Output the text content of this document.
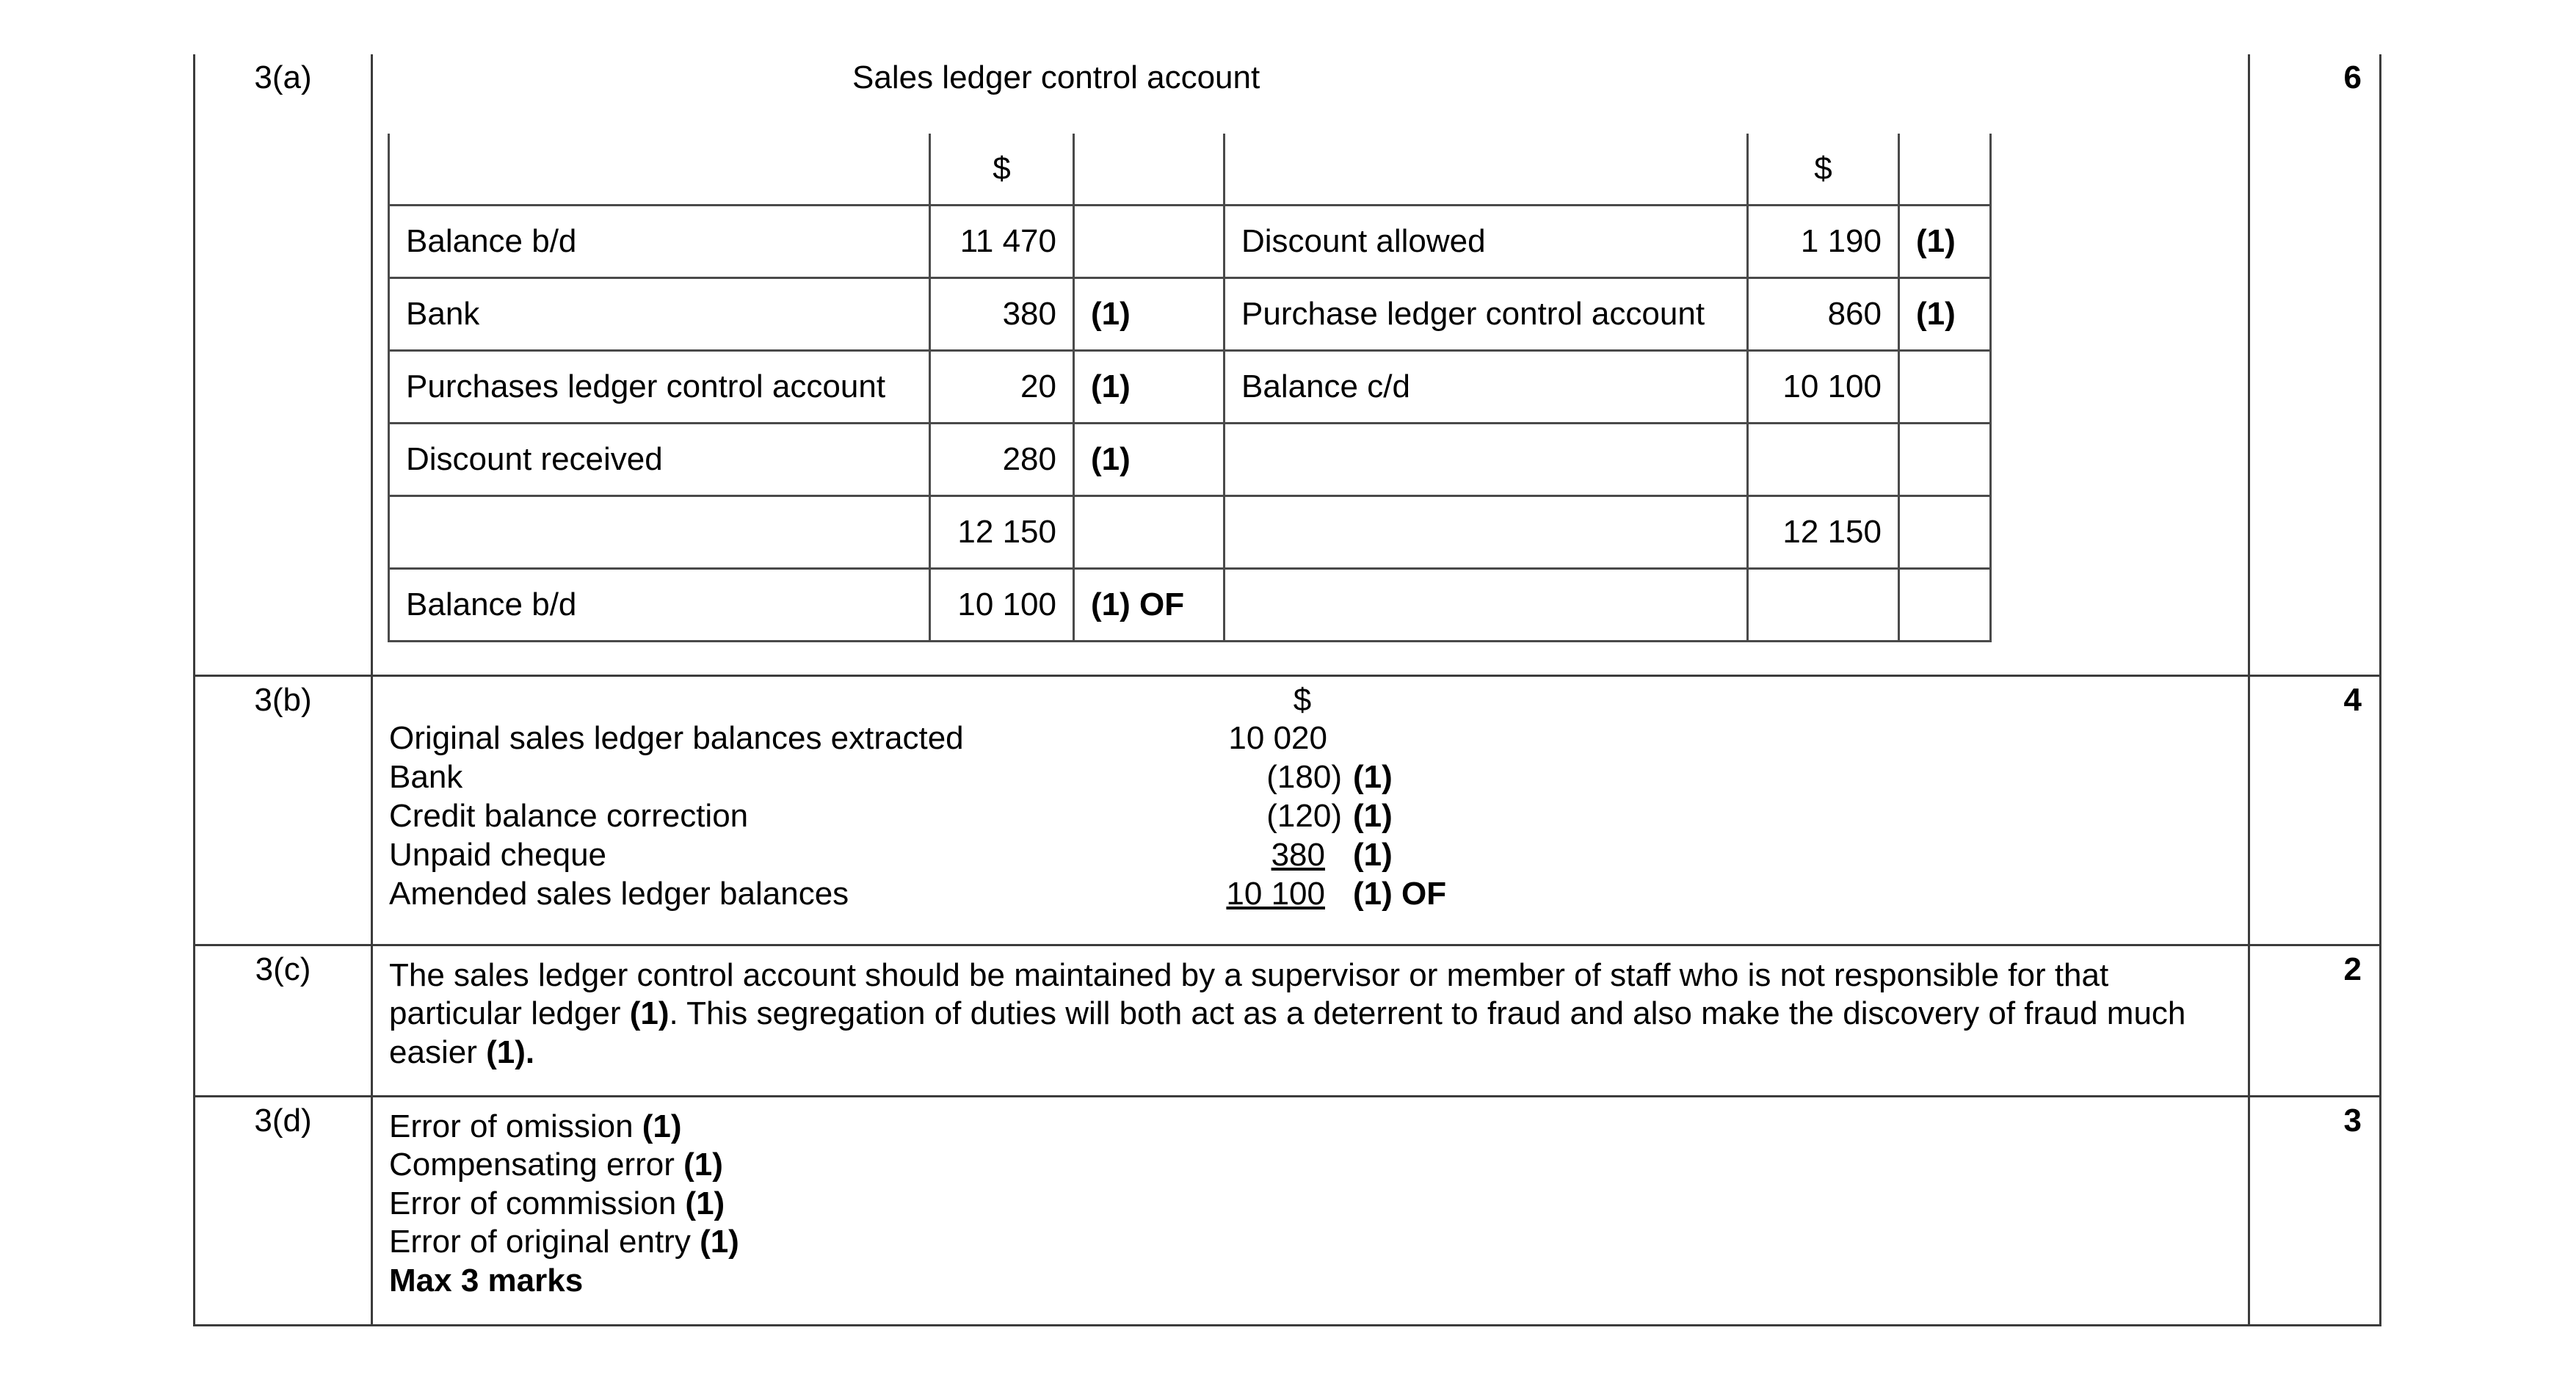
3(a)	Sales ledger control account
	$			$	
Balance b/d	11 470		Discount allowed	1 190	(1)
Bank	380	(1)	Purchase ledger control account	860	(1)
Purchases ledger control account	20	(1)	Balance c/d	10 100	
Discount received	280	(1)			
	12 150			12 150	
Balance b/d	10 100	(1) OF			
	6
3(b)	$
Original sales ledger balances extracted	10 020
Bank	(180) (1)
Credit balance correction	(120) (1)
Unpaid cheque	380 (1)
Amended sales ledger balances	10 100 (1) OF
	4
3(c)	The sales ledger control account should be maintained by a supervisor or member of staff who is not responsible for that particular ledger (1). This segregation of duties will both act as a deterrent to fraud and also make the discovery of fraud much easier (1).
	2
3(d)	Error of omission (1)
Compensating error (1)
Error of commission (1)
Error of original entry (1)
Max 3 marks
	3
